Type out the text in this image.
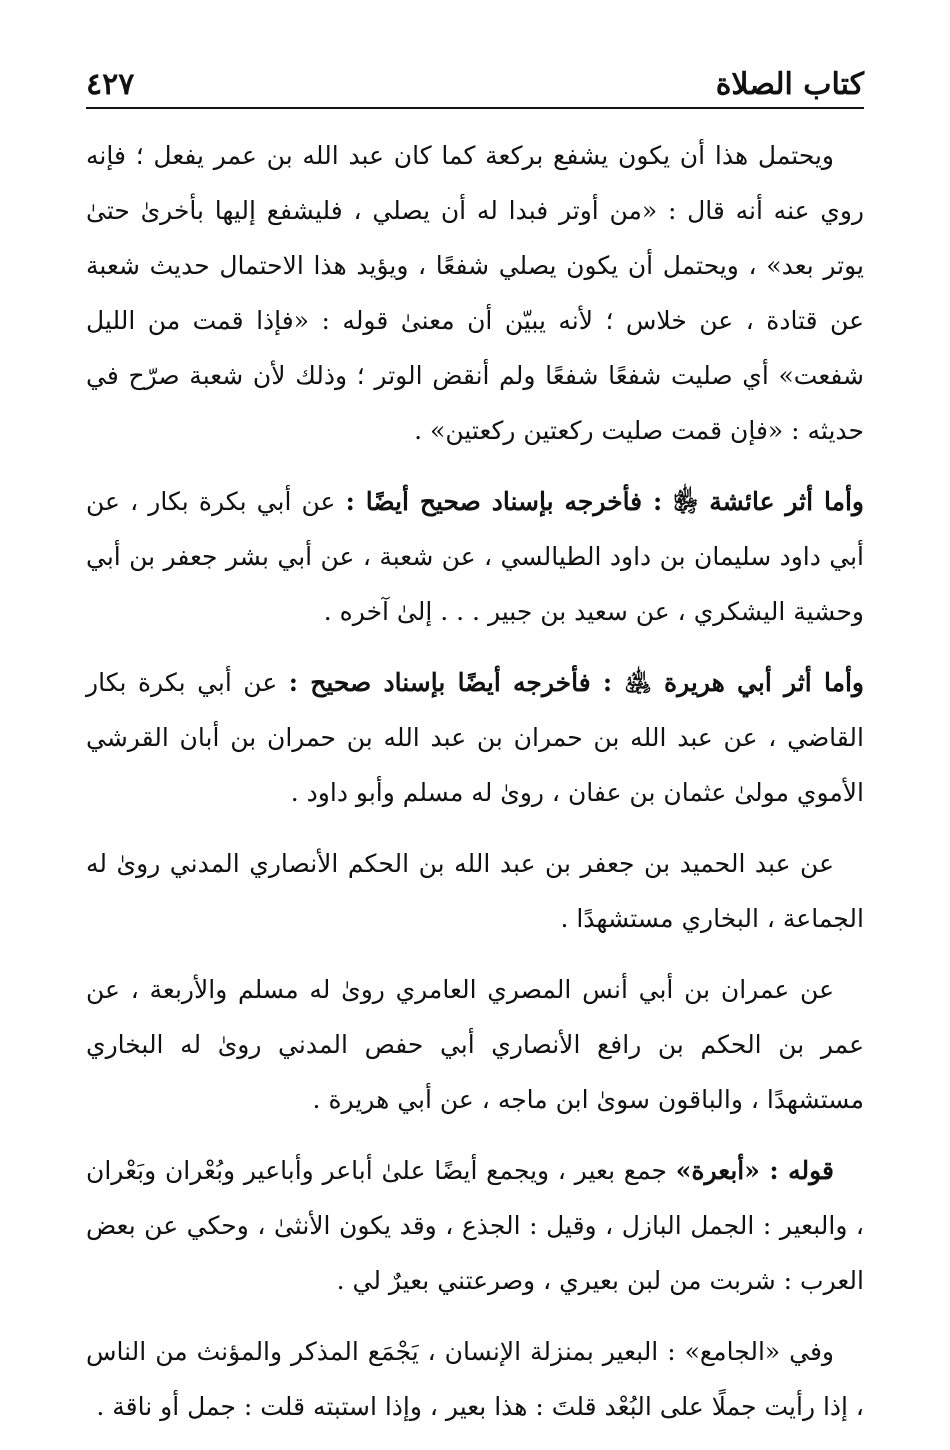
٤٢٧	كتاب الصلاة

ويحتمل هذا أن يكون يشفع بركعة كما كان عبد الله بن عمر يفعل ؛ فإنه روي عنه أنه قال : «من أوتر فبدا له أن يصلي ، فليشفع إليها بأخرىٰ حتىٰ يوتر بعد» ، ويحتمل أن يكون يصلي شفعًا ، ويؤيد هذا الاحتمال حديث شعبة عن قتادة ، عن خلاس ؛ لأنه يبيّن أن معنىٰ قوله : «فإذا قمت من الليل شفعت» أي صليت شفعًا شفعًا ولم أنقض الوتر ؛ وذلك لأن شعبة صرّح في حديثه : «فإن قمت صليت ركعتين ركعتين» .

وأما أثر عائشة ﵂ : فأخرجه بإسناد صحيح أيضًا : عن أبي بكرة بكار ، عن أبي داود سليمان بن داود الطيالسي ، عن شعبة ، عن أبي بشر جعفر بن أبي وحشية اليشكري ، عن سعيد بن جبير . . . إلىٰ آخره .

وأما أثر أبي هريرة ﵁ : فأخرجه أيضًا بإسناد صحيح : عن أبي بكرة بكار القاضي ، عن عبد الله بن حمران بن عبد الله بن حمران بن أبان القرشي الأموي مولىٰ عثمان بن عفان ، روىٰ له مسلم وأبو داود .

عن عبد الحميد بن جعفر بن عبد الله بن الحكم الأنصاري المدني روىٰ له الجماعة ، البخاري مستشهدًا .

عن عمران بن أبي أنس المصري العامري روىٰ له مسلم والأربعة ، عن عمر بن الحكم بن رافع الأنصاري أبي حفص المدني روىٰ له البخاري مستشهدًا ، والباقون سوىٰ ابن ماجه ، عن أبي هريرة .

قوله : «أبعرة» جمع بعير ، ويجمع أيضًا علىٰ أباعر وأباعير وبُعْران وبَعْران ، والبعير : الجمل البازل ، وقيل : الجذع ، وقد يكون الأنثىٰ ، وحكي عن بعض العرب : شربت من لبن بعيري ، وصرعتني بعيرٌ لي .

وفي «الجامع» : البعير بمنزلة الإنسان ، يَجْمَع المذكر والمؤنث من الناس ، إذا رأيت جملًا على البُعْد قلتَ : هذا بعير ، وإذا استبته قلت : جمل أو ناقة .
